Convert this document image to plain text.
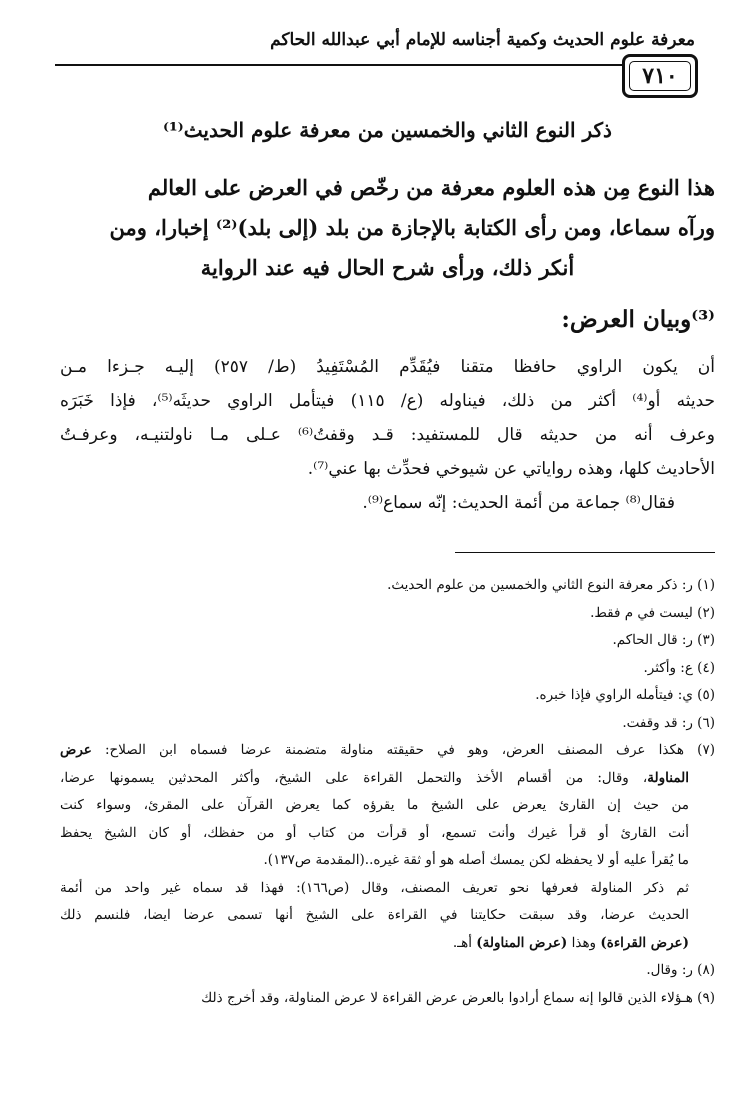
معرفة علوم الحديث وكمية أجناسه للإمام أبي عبدالله الحاكم
٧١٠
ذكر النوع الثاني والخمسين من معرفة علوم الحديث⁽¹⁾
هذا النوع مِن هذه العلوم معرفة من رخّص في العرض على العالم
ورآه سماعا، ومن رأى الكتابة بالإجازة من بلد (إلى بلد)⁽²⁾ إخبارا، ومن
أنكر ذلك، ورأى شرح الحال فيه عند الرواية
⁽³⁾وبيان العرض:
أن يكون الراوي حافظا متقنا فيُقَدِّم المُسْتَفِيدُ (ط/ ٢٥٧) إليـه جـزءا مـن
حديثه أو⁽⁴⁾ أكثر من ذلك، فيناوله (ع/ ١١٥) فيتأمل الراوي حديثَه⁽⁵⁾، فإذا خَبَرَه
وعرف أنه من حديثه قال للمستفيد: قـد وقفتُ⁽⁶⁾ عـلى مـا ناولتنيـه، وعرفـتُ
الأحاديث كلها، وهذه رواياتي عن شيوخي فحدِّث بها عني⁽⁷⁾.
فقال⁽⁸⁾ جماعة من أئمة الحديث: إنّه سماع⁽⁹⁾.
(١) ر: ذكر معرفة النوع الثاني والخمسين من علوم الحديث.
(٢) ليست في م فقط.
(٣) ر: قال الحاكم.
(٤) ع: وأكثر.
(٥) ي: فيتأمله الراوي فإذا خبره.
(٦) ر: قد وقفت.
(٧) هكذا عرف المصنف العرض، وهو في حقيقته مناولة متضمنة عرضا فسماه ابن الصلاح: عرض
المناولة، وقال: من أقسام الأخذ والتحمل القراءة على الشيخ، وأكثر المحدثين يسمونها عرضا،
من حيث إن القارئ يعرض على الشيخ ما يقرؤه كما يعرض القرآن على المقرئ، وسواء كنت
أنت القارئ أو قرأ غيرك وأنت تسمع، أو قرأت من كتاب أو من حفظك، أو كان الشيخ يحفظ
ما يُقرأ عليه أو لا يحفظه لكن يمسك أصله هو أو ثقة غيره..(المقدمة ص١٣٧).
ثم ذكر المناولة فعرفها نحو تعريف المصنف، وقال (ص١٦٦): فهذا قد سماه غير واحد من أئمة
الحديث عرضا، وقد سبقت حكايتنا في القراءة على الشيخ أنها تسمى عرضا ايضا، فلنسم ذلك
(عرض القراءة) وهذا (عرض المناولة) أهـ.
(٨) ر: وقال.
(٩) هـؤلاء الذين قالوا إنه سماع أرادوا بالعرض عرض القراءة لا عرض المناولة، وقد أخرج ذلك
